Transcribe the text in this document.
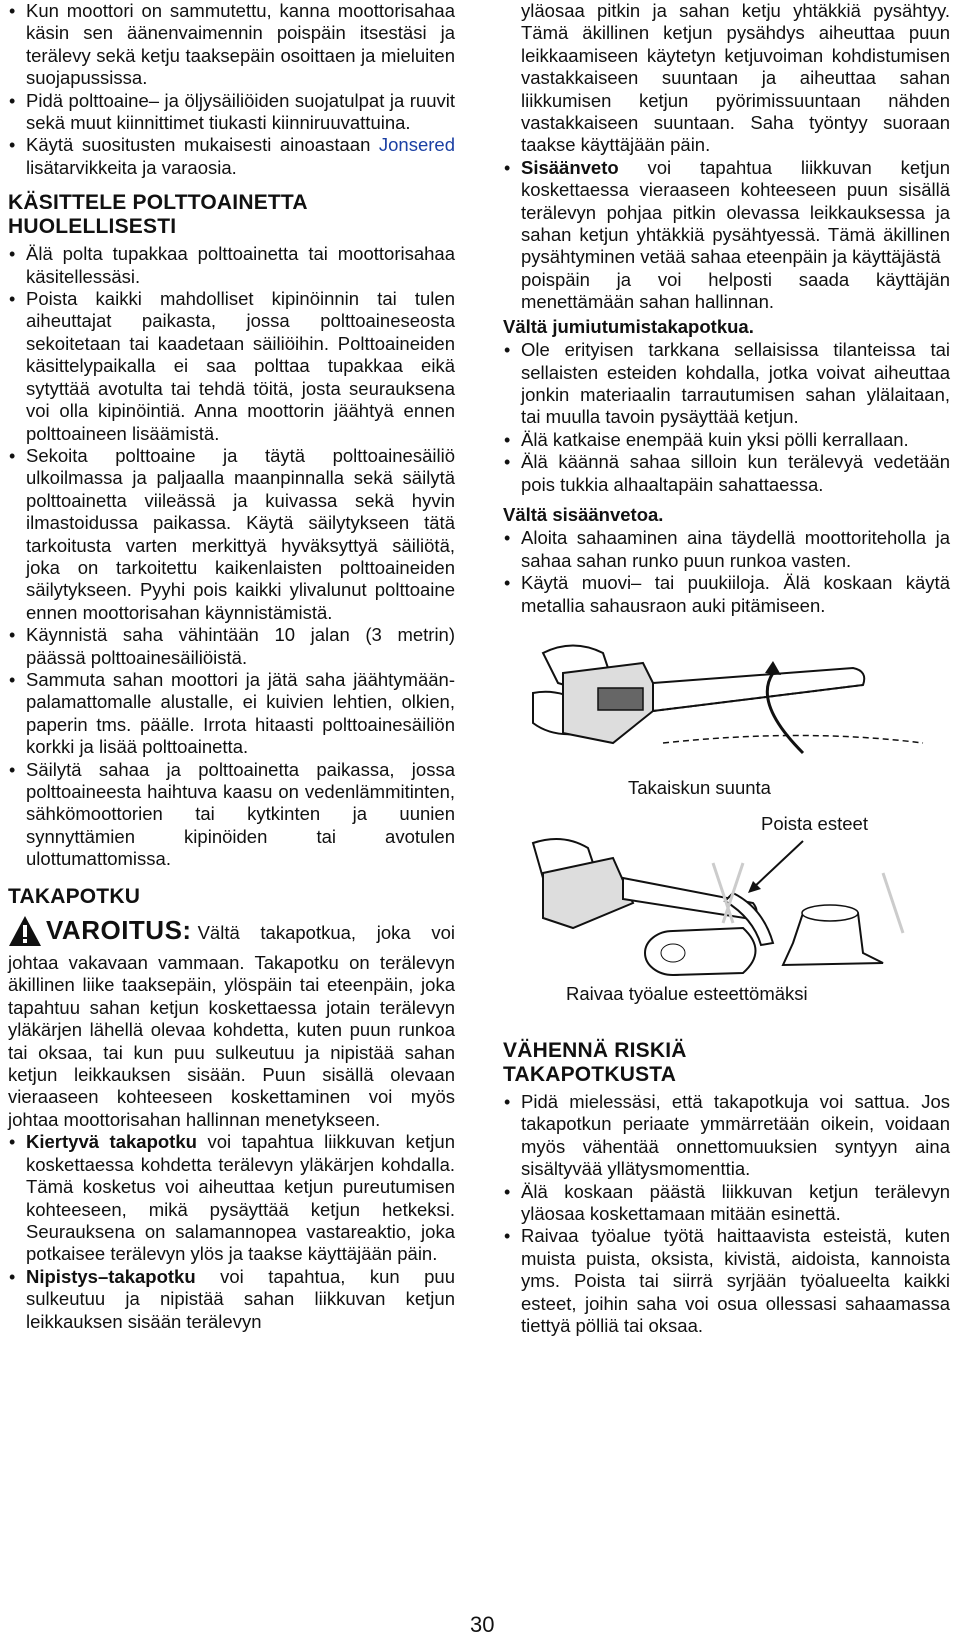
• Kun moottori on sammutettu, kanna moottorisahaa käsin sen äänenvaimennin poispäin itsestäsi ja terälevy sekä ketju taaksepäin osoittaen ja mieluiten suojapussissa.
• Pidä polttoaine– ja öljysäiliöiden suojatulpat ja ruuvit sekä muut kiinnittimet tiukasti kiinniruuvattuina.
• Käytä suositusten mukaisesti ainoastaan Jonsered lisätarvikkeita ja varaosia.
KÄSITTELE POLTTOAINETTA
HUOLELLISESTI
• Älä polta tupakkaa polttoainetta tai moottorisahaa käsitellessäsi.
• Poista kaikki mahdolliset kipinöinnin tai tulen aiheuttajat paikasta, jossa polttoaineseosta sekoitetaan tai kaadetaan säiliöihin. Polttoaineiden käsittelypaikalla ei saa polttaa tupakkaa eikä sytyttää avotulta tai tehdä töitä, josta seurauksena voi olla kipinöintiä. Anna moottorin jäähtyä ennen polttoaineen lisäämistä.
• Sekoita polttoaine ja täytä polttoainesäiliö ulkoilmassa ja paljaalla maanpinnalla sekä säilytä polttoainetta viileässä ja kuivassa sekä hyvin ilmastoidussa paikassa. Käytä säilytykseen tätä tarkoitusta varten merkittyä hyväksyttyä säiliötä, joka on tarkoitettu kaikenlaisten polttoaineiden säilytykseen. Pyyhi pois kaikki ylivalunut polttoaine ennen moottorisahan käynnistämistä.
• Käynnistä saha vähintään 10 jalan (3 metrin) päässä polttoainesäiliöistä.
• Sammuta sahan moottori ja jätä saha jäähtymään-palamattomalle alustalle, ei kuivien lehtien, olkien, paperin tms. päälle. Irrota hitaasti polttoainesäiliön korkki ja lisää polttoainetta.
• Säilytä sahaa ja polttoainetta paikassa, jossa polttoaineesta haihtuva kaasu on vedenlämmitinten, sähkömoottorien tai kytkinten ja uunien synnyttämien kipinöiden tai avotulen ulottumattomissa.
TAKAPOTKU

VAROITUS: Vältä takapotkua, joka voi johtaa vakavaan vammaan. Takapotku on terälevyn äkillinen liike taaksepäin, ylöspäin tai eteenpäin, joka tapahtuu sahan ketjun koskettaessa jotain terälevyn yläkärjen lähellä olevaa kohdetta, kuten puun runkoa tai oksaa, tai kun puu sulkeutuu ja nipistää sahan ketjun leikkauksen sisään. Puun sisällä olevaan vieraaseen kohteeseen koskettaminen voi myös johtaa moottorisahan hallinnan menetykseen.

• Kiertyvä takapotku voi tapahtua liikkuvan ketjun koskettaessa kohdetta terälevyn yläkärjen kohdalla. Tämä kosketus voi aiheuttaa ketjun pureutumisen kohteeseen, mikä pysäyttää ketjun hetkeksi. Seurauksena on salamannopea vastareaktio, joka potkaisee terälevyn ylös ja taakse käyttäjään päin.
• Nipistys–takapotku voi tapahtua, kun puu sulkeutuu ja nipistää sahan liikkuvan ketjun leikkauksen sisään terälevyn

yläosaa pitkin ja sahan ketju yhtäkkiä pysähtyy. Tämä äkillinen ketjun pysähdys aiheuttaa puun leikkaamiseen käytetyn ketjuvoiman kohdistumisen vastakkaiseen suuntaan ja aiheuttaa sahan liikkumisen ketjun pyörimissuuntaan nähden vastakkaiseen suuntaan. Saha työntyy suoraan taakse käyttäjään päin.

• Sisäänveto voi tapahtua liikkuvan ketjun koskettaessa vieraaseen kohteeseen puun sisällä terälevyn pohjaa pitkin olevassa leikkauksessa ja sahan ketjun yhtäkkiä pysähtyessä. Tämä äkillinen pysähtyminen vetää sahaa eteenpäin ja käyttäjästä
poispäin ja voi helposti saada käyttäjän menettämään sahan hallinnan.
Vältä jumiutumistakapotkua.
• Ole erityisen tarkkana sellaisissa tilanteissa tai sellaisten esteiden kohdalla, jotka voivat aiheuttaa jonkin materiaalin tarrautumisen sahan ylälaitaan, tai muulla tavoin pysäyttää ketjun.
• Älä katkaise enempää kuin yksi pölli kerrallaan.
• Älä käännä sahaa silloin kun terälevyä vedetään pois tukkia alhaaltapäin sahattaessa.
Vältä sisäänvetoa.
• Aloita sahaaminen aina täydellä moottoriteholla ja sahaa sahan runko puun runkoa vasten.
• Käytä muovi– tai puukiiloja. Älä koskaan käytä metallia sahausraon auki pitämiseen.
Takaiskun suunta
Poista esteet
Raivaa työalue esteettömäksi
VÄHENNÄ RISKIÄ
TAKAPOTKUSTA
• Pidä mielessäsi, että takapotkuja voi sattua. Jos takapotkun periaate ymmärretään oikein, voidaan myös vähentää onnettomuuksien syntyyn aina sisältyvää yllätysmomenttia.
• Älä koskaan päästä liikkuvan ketjun terälevyn yläosaa koskettamaan mitään esinettä.
• Raivaa työalue työtä haittaavista esteistä, kuten muista puista, oksista, kivistä, aidoista, kannoista yms. Poista tai siirrä syrjään työalueelta kaikki esteet, joihin saha voi osua ollessasi sahaamassa tiettyä pölliä tai oksaa.
30
